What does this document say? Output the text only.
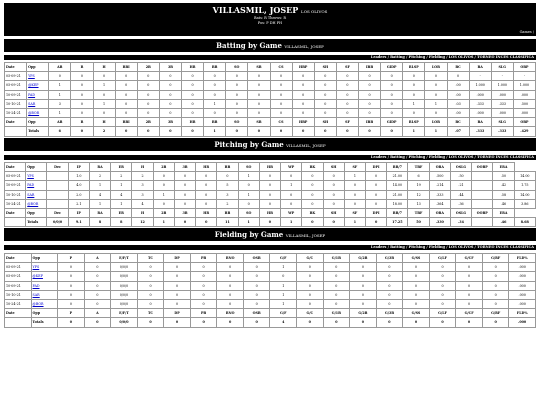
VILLASMIL, JOSEP LOS OLIVOS
Bats: R Throws: R
Pos: P DH PH
Games /
Batting by Game VILLASMIL, JOSEP
Leaders / Batting / Pitching / Fielding / LOS OLIVOS / TORNEO INCES CLASSIFICA
Date	Opp	AB	R	H	RBI	2B	3B	HR	BB	SO	SB	CS	HBP	SH	SF	IBB	GIDP	RLSP	LOB	BC	BA	SLG	OBP
05-09-21	YPS	0	0	0	0	0	0	0	0	0	0	0	0	0	0	0	0	0	0	0	-	-	-
05-09-21	@KEP	1	0	1	0	0	0	0	0	0	0	0	0	0	0	0	0	0	0	.00	1.000	1.000	1.000
10-09-21	PAD	1	0	0	0	0	0	0	0	0	0	0	0	0	0	0	0	0	0	.00	.000	.000	.000
10-10-21	SAR	3	0	1	0	0	0	0	1	0	0	0	0	0	0	0	0	1	1	.03	.333	.333	.500
10-24-21	@BOR	1	0	0	0	0	0	0	0	0	0	0	0	0	0	0	0	0	0	.00	.000	.000	.000
Date	Opp	AB	R	H	RBI	2B	3B	HR	BB	SO	SB	CS	HBP	SH	SF	IBB	GIDP	RLSP	LOB	BC	BA	SLG	OBP
	Totals	6	0	2	0	0	0	0	1	0	0	0	0	0	0	0	0	1	1	.07	.333	.333	.429
Pitching by Game VILLASMIL, JOSEP
Leaders / Batting / Pitching / Fielding / LOS OLIVOS / TORNEO INCES CLASSIFICA
Date	Opp	Dec	IP	RA	ER	H	2B	3B	HR	BB	SO	HB	WP	BK	SH	SF	DPI	BB/7	TBF	OBA	OSLG	OOBP	ERA	
05-09-21	YPS		1.0	2	2	2	0	0	0	0	1	0	0	0	0	1	0	21.00	6	.500	.50		.50	14.00
10-09-21	PAD		4.0	1	1	3	0	0	0	5	0	0	1	0	0	0	0	14.00	19	.214	.21		.42	1.75
10-10-21	SAR		2.0	4	4	3	1	0	0	3	1	0	0	0	0	0	0	21.00	12	.333	.44		.58	14.00
10-24-21	@BOR		2.1	1	1	4	0	0	0	2	0	0	0	0	0	0	0	18.00	13	.364	.36		.46	3.86
Date	Opp	Dec	IP	RA	ER	H	2B	3B	HR	BB	SO	HB	WP	BK	SH	SF	DPI	BB/7	TBF	OBA	OSLG	OOBP	ERA	
	Totals	0/0/0	9.1	8	8	12	1	0	0	11	1	0	1	0	0	1	0	17.25	50	.330	.34		.46	8.68
Fielding by Game VILLASMIL, JOSEP
Leaders / Batting / Pitching / Fielding / LOS OLIVOS / TORNEO INCES CLASSIFICA
Date	Opp	P	A	E/F/T	TC	DP	PB	RNO	OSB	G/F	G/C	G/1B	G/2B	G/3B	G/SS	G/LF	G/CF	G/RF	FLD%
05-09-21	YPS	0	0	0/0/0	0	0	0	0	0	1	0	0	0	0	0	0	0	0	.000
05-09-21	@KEP	0	0	0/0/0	0	0	0	0	0	0	0	0	0	0	0	0	0	0	.000
10-09-21	PAD	0	0	0/0/0	0	0	0	0	0	1	0	0	0	0	0	0	0	0	.000
10-10-21	SAR	0	0	0/0/0	0	0	0	0	0	1	0	0	0	0	0	0	0	0	.000
10-24-21	@BOR	0	0	0/0/0	0	0	0	0	0	1	0	0	0	0	0	0	0	0	.000
Date	Opp	P	A	E/F/T	TC	DP	PB	RNO	OSB	G/F	G/C	G/1B	G/2B	G/3B	G/SS	G/LF	G/CF	G/RF	FLD%
	Totals	0	0	0/0/0	0	0	0	0	0	4	0	0	0	0	0	0	0	0	.000
